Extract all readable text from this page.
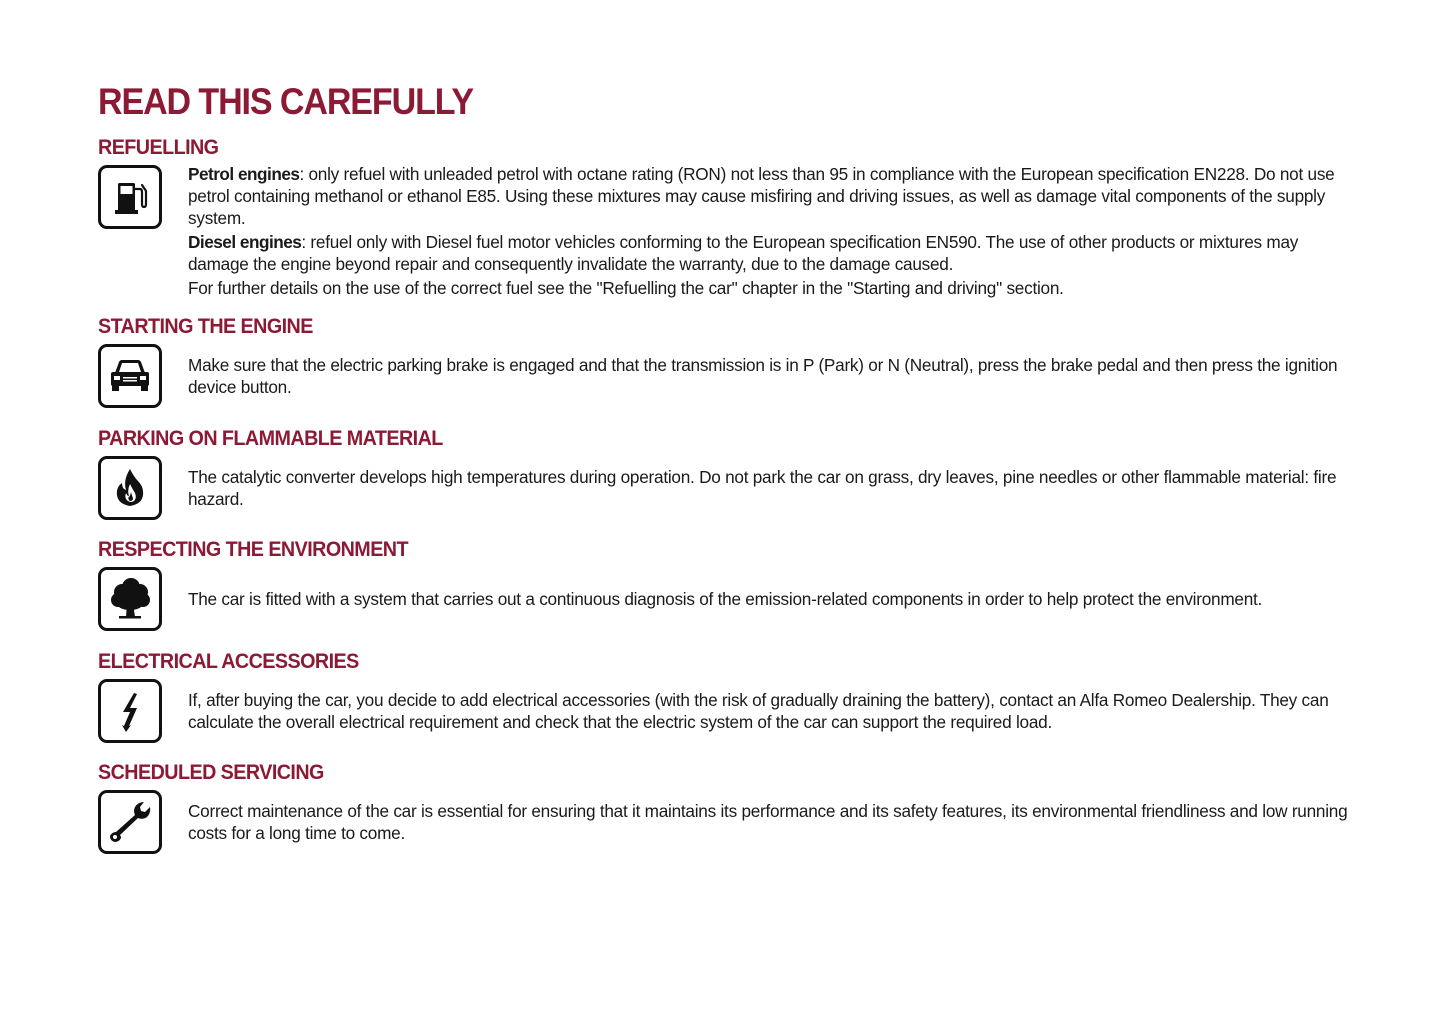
READ THIS CAREFULLY
REFUELLING

Petrol engines: only refuel with unleaded petrol with octane rating (RON) not less than 95 in compliance with the European specification EN228. Do not use petrol containing methanol or ethanol E85. Using these mixtures may cause misfiring and driving issues, as well as damage vital components of the supply system.

Diesel engines: refuel only with Diesel fuel motor vehicles conforming to the European specification EN590. The use of other products or mixtures may damage the engine beyond repair and consequently invalidate the warranty, due to the damage caused.

For further details on the use of the correct fuel see the "Refuelling the car" chapter in the "Starting and driving" section.

STARTING THE ENGINE

Make sure that the electric parking brake is engaged and that the transmission is in P (Park) or N (Neutral), press the brake pedal and then press the ignition device button.

PARKING ON FLAMMABLE MATERIAL

The catalytic converter develops high temperatures during operation. Do not park the car on grass, dry leaves, pine needles or other flammable material: fire hazard.

RESPECTING THE ENVIRONMENT

The car is fitted with a system that carries out a continuous diagnosis of the emission-related components in order to help protect the environment.

ELECTRICAL ACCESSORIES

If, after buying the car, you decide to add electrical accessories (with the risk of gradually draining the battery), contact an Alfa Romeo Dealership. They can calculate the overall electrical requirement and check that the electric system of the car can support the required load.

SCHEDULED SERVICING

Correct maintenance of the car is essential for ensuring that it maintains its performance and its safety features, its environmental friendliness and low running costs for a long time to come.
